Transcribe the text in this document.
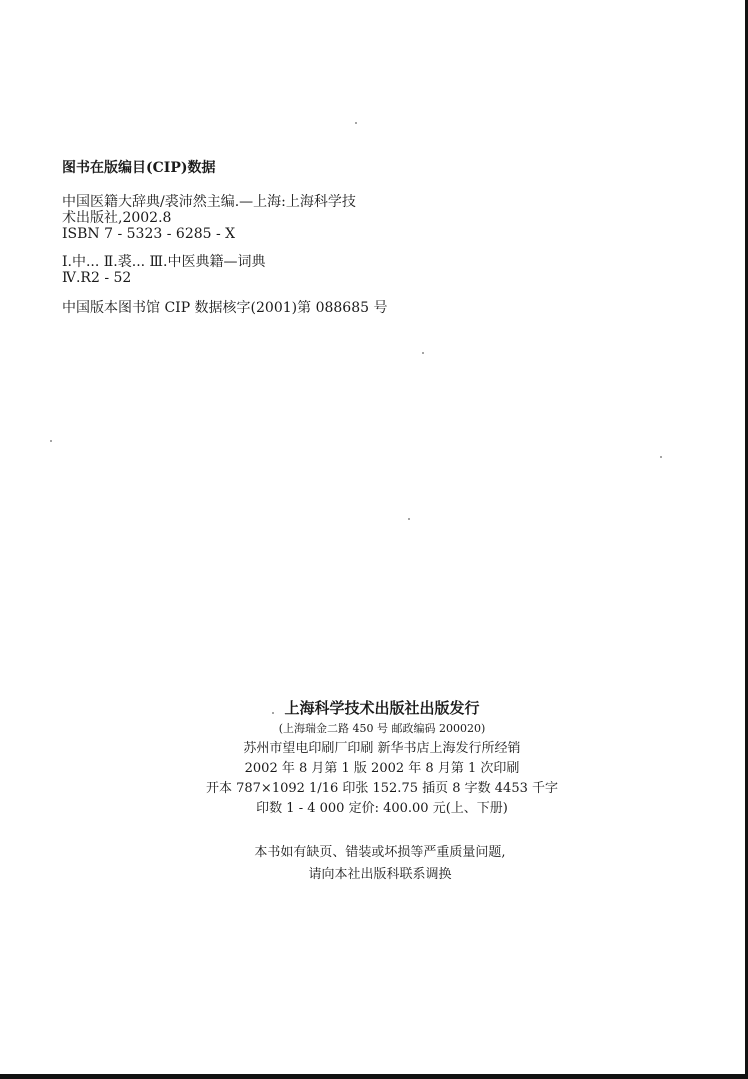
图书在版编目(CIP)数据
中国医籍大辞典/裘沛然主编.—上海:上海科学技
术出版社,2002.8
ISBN 7 - 5323 - 6285 - X
Ⅰ.中... Ⅱ.裘... Ⅲ.中医典籍—词典
Ⅳ.R2 - 52
中国版本图书馆 CIP 数据核字(2001)第 088685 号
上海科学技术出版社出版发行
(上海瑞金二路 450 号 邮政编码 200020)
苏州市望电印刷厂印刷 新华书店上海发行所经销
2002 年 8 月第 1 版 2002 年 8 月第 1 次印刷
开本 787×1092 1/16 印张 152.75 插页 8 字数 4453 千字
印数 1 - 4 000 定价: 400.00 元(上、下册)
本书如有缺页、错装或坏损等严重质量问题,
请向本社出版科联系调换
